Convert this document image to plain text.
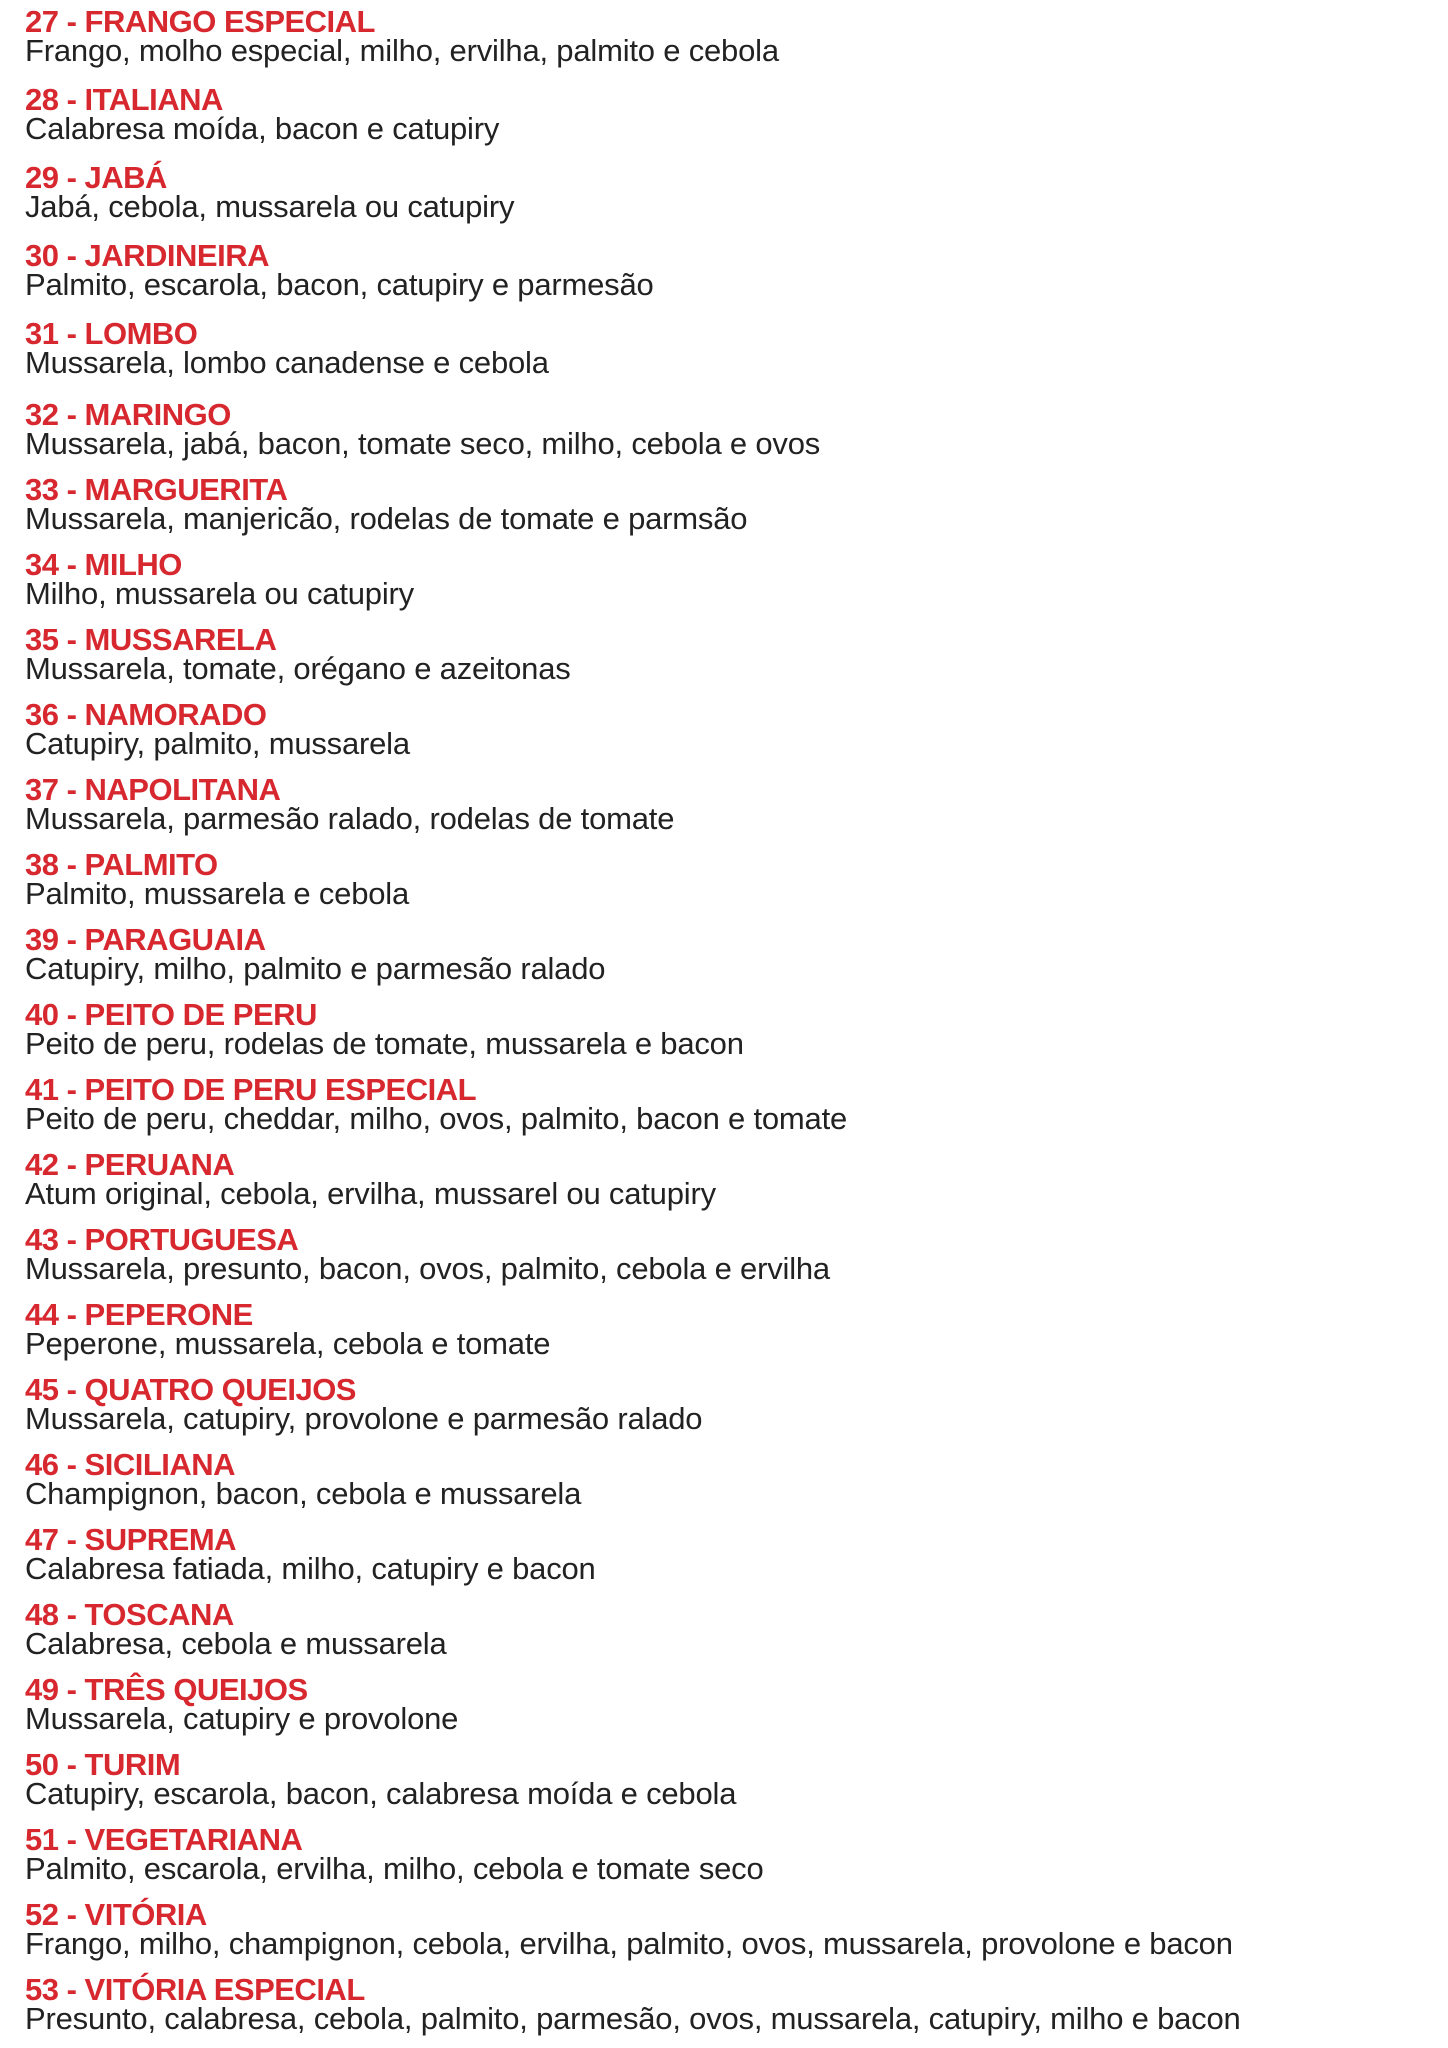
27 - FRANGO ESPECIAL
Frango, molho especial, milho, ervilha, palmito e cebola
28 - ITALIANA
Calabresa moída, bacon e catupiry
29 - JABÁ
Jabá, cebola, mussarela ou catupiry
30 - JARDINEIRA
Palmito, escarola, bacon, catupiry e parmesão
31 - LOMBO
Mussarela, lombo canadense e cebola
32 - MARINGO
Mussarela, jabá, bacon, tomate seco, milho, cebola e ovos
33 - MARGUERITA
Mussarela, manjericão, rodelas de tomate e parmsão
34 - MILHO
Milho, mussarela ou catupiry
35 - MUSSARELA
Mussarela, tomate, orégano e azeitonas
36 - NAMORADO
Catupiry, palmito, mussarela
37 - NAPOLITANA
Mussarela, parmesão ralado, rodelas de tomate
38 - PALMITO
Palmito, mussarela e cebola
39 - PARAGUAIA
Catupiry, milho, palmito e parmesão ralado
40 - PEITO DE PERU
Peito de peru, rodelas de tomate, mussarela e bacon
41 - PEITO DE PERU ESPECIAL
Peito de peru, cheddar, milho, ovos, palmito, bacon e tomate
42 - PERUANA
Atum original, cebola, ervilha, mussarel ou catupiry
43 - PORTUGUESA
Mussarela, presunto, bacon, ovos, palmito, cebola e ervilha
44 - PEPERONE
Peperone, mussarela, cebola e tomate
45 - QUATRO QUEIJOS
Mussarela, catupiry, provolone e parmesão ralado
46 - SICILIANA
Champignon, bacon, cebola e mussarela
47 - SUPREMA
Calabresa fatiada, milho, catupiry e bacon
48 - TOSCANA
Calabresa, cebola e mussarela
49 - TRÊS QUEIJOS
Mussarela, catupiry e provolone
50 - TURIM
Catupiry, escarola, bacon, calabresa moída e cebola
51 - VEGETARIANA
Palmito, escarola, ervilha, milho, cebola e tomate seco
52 - VITÓRIA
Frango, milho, champignon, cebola, ervilha, palmito, ovos, mussarela, provolone e bacon
53 - VITÓRIA ESPECIAL
Presunto, calabresa, cebola, palmito, parmesão, ovos, mussarela, catupiry, milho e bacon
